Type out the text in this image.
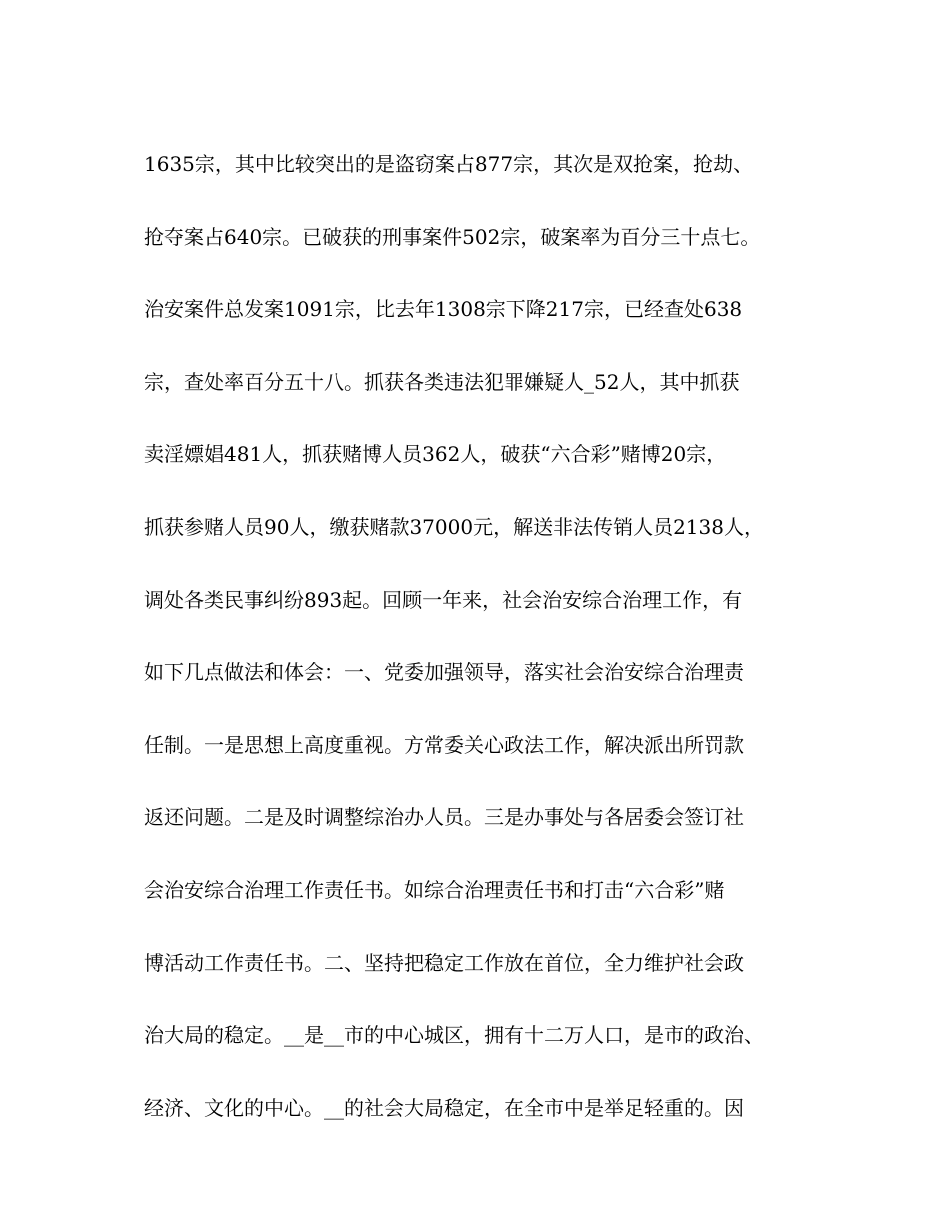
1635宗，其中比较突出的是盗窃案占877宗，其次是双抢案，抢劫、

抢夺案占640宗。已破获的刑事案件502宗，破案率为百分三十点七。

治安案件总发案1091宗，比去年1308宗下降217宗，已经查处638

宗，查处率百分五十八。抓获各类违法犯罪嫌疑人_52人，其中抓获

卖淫嫖娼481人，抓获赌博人员362人，破获“六合彩”赌博20宗，

抓获参赌人员90人，缴获赌款37000元，解送非法传销人员2138人，

调处各类民事纠纷893起。回顾一年来，社会治安综合治理工作，有

如下几点做法和体会：一、党委加强领导，落实社会治安综合治理责

任制。一是思想上高度重视。方常委关心政法工作，解决派出所罚款

返还问题。二是及时调整综治办人员。三是办事处与各居委会签订社

会治安综合治理工作责任书。如综合治理责任书和打击“六合彩”赌

博活动工作责任书。二、坚持把稳定工作放在首位，全力维护社会政

治大局的稳定。__是__市的中心城区，拥有十二万人口，是市的政治、

经济、文化的中心。__的社会大局稳定，在全市中是举足轻重的。因
